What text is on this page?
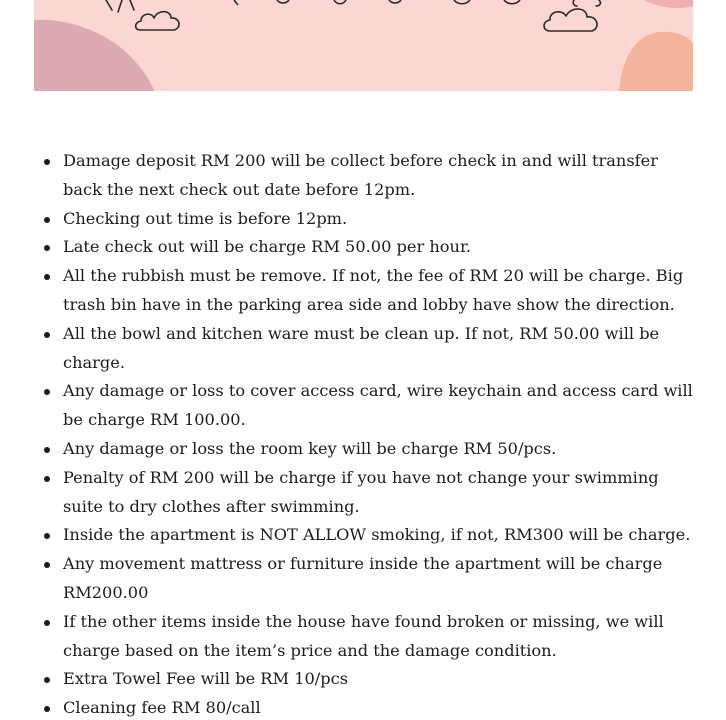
Damage deposit RM 200 will be collect before check in and will transfer back the next check out date before 12pm.
Checking out time is before 12pm.
Late check out will be charge RM 50.00 per hour.
All the rubbish must be remove. If not, the fee of RM 20 will be charge. Big trash bin have in the parking area side and lobby have show the direction.
All the bowl and kitchen ware must be clean up. If not, RM 50.00 will be charge.
Any damage or loss to cover access card, wire keychain and access card will be charge RM 100.00.
Any damage or loss the room key will be charge RM 50/pcs.
Penalty of RM 200 will be charge if you have not change your swimming suite to dry clothes after swimming.
Inside the apartment is NOT ALLOW smoking, if not, RM300 will be charge.
Any movement mattress or furniture inside the apartment will be charge RM200.00
If the other items inside the house have found broken or missing, we will charge based on the item’s price and the damage condition.
Extra Towel Fee will be RM 10/pcs
Cleaning fee RM 80/call
